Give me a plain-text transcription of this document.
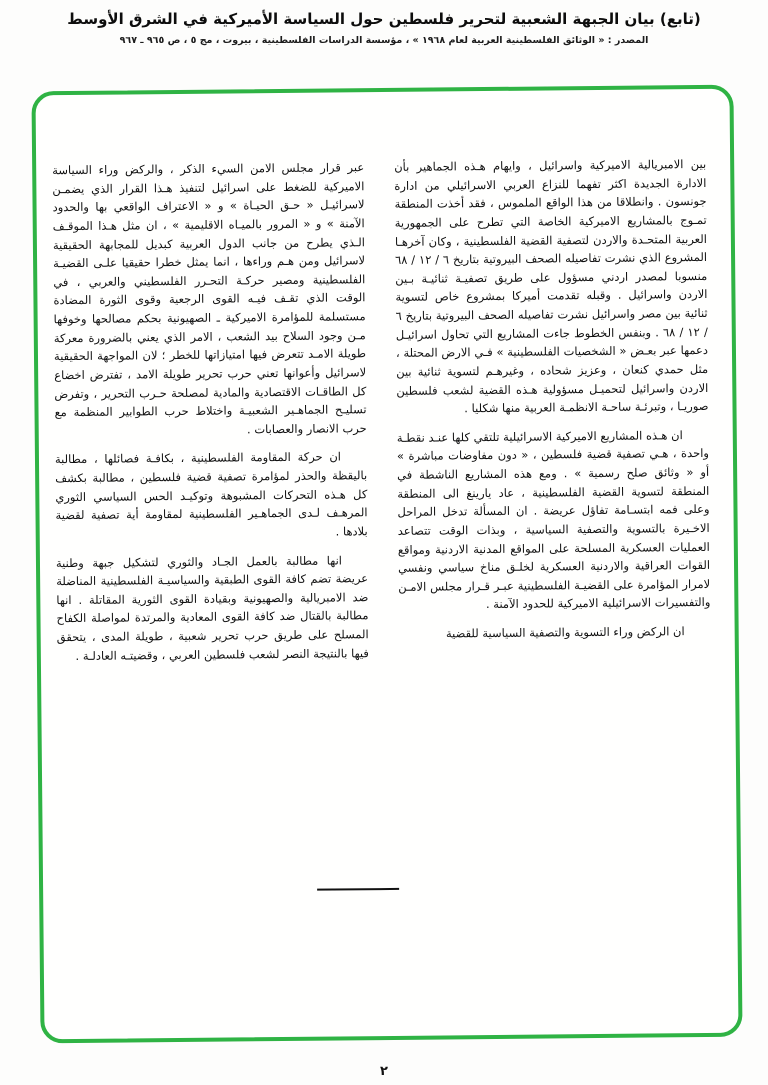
(تابع) بيان الجبهة الشعبية لتحرير فلسطين حول السياسة الأميركية في الشرق الأوسط
المصدر : « الوثائق الفلسطينية العربية لعام ١٩٦٨ » ، مؤسسة الدراسات الفلسطينية ، بيروت ، مج ٥ ، ص ٩٦٥ ـ ٩٦٧

بين الامبريالية الاميركية واسرائيل ، وايهام هـذه الجماهير بأن الادارة الجديدة اكثر تفهما للنزاع العربي الاسرائيلي من ادارة جونسون . وانطلاقا من هذا الواقع الملموس ، فقد أخذت المنطقة تمـوج بالمشاريع الاميركية الخاصة التي تطرح على الجمهورية العربية المتحـدة والاردن لتصفية القضية الفلسطينية ، وكان آخرهـا المشروع الذي نشرت تفاصيله الصحف البيروتية بتاريخ ٦ / ١٢ / ٦٨ منسوبا لمصدر اردني مسؤول على طريق تصفيـة ثنائيـة بـين الاردن واسرائيل . وقبله تقدمت أميركا بمشروع خاص لتسوية ثنائية بين مصر واسرائيل نشرت تفاصيله الصحف البيروتية بتاريخ ٦ / ١٢ / ٦٨ . وبنفس الخطوط جاءت المشاريع التي تحاول اسرائيـل دعمها عبر بعـض « الشخصيات الفلسطينية » فـي الارض المحتلة ، مثل حمدي كنعان ، وعزيز شحاده ، وغيرهـم لتسوية ثنائية بين الاردن واسرائيل لتحميـل مسؤولية هـذه القضية لشعب فلسطين صوريـا ، وتبرئـة ساحـة الانظمـة العربية منها شكليا .

ان هـذه المشاريع الاميركية الاسرائيلية تلتقي كلها عنـد نقطـة واحدة ، هـي تصفية قضية فلسطين ، « دون مفاوضات مباشرة » أو « وثائق صلح رسمية » . ومع هذه المشاريع الناشطة في المنطقة لتسوية القضية الفلسطينية ، عاد يارينغ الى المنطقة وعلى فمه ابتسـامة تفاؤل عريضة . ان المسألة تدخل المراحل الاخـيرة بالتسوية والتصفية السياسية ، وبذات الوقت تتصاعد العمليات العسكرية المسلحة على المواقع المدنية الاردنية ومواقع القوات العراقية والاردنية العسكرية لخلـق مناخ سياسي ونفسي لامرار المؤامرة على القضيـة الفلسطينية عبـر قـرار مجلس الامـن والتفسيرات الاسرائيلية الاميركية للحدود الآمنة .

ان الركض وراء التسوية والتصفية السياسية للقضية

عبر قرار مجلس الامن السيء الذكر ، والركض وراء السياسة الاميركية للضغط على اسرائيل لتنفيذ هـذا القرار الذي يضمـن لاسرائيـل « حـق الحيـاة » و « الاعتراف الواقعي بها والحدود الآمنة » و « المرور بالميـاه الاقليمية » ، ان مثل هـذا الموقـف الـذي يطرح من جانب الدول العربية كبديل للمجابهة الحقيقية لاسرائيل ومن هـم وراءها ، انما يمثل خطرا حقيقيا علـى القضيـة الفلسطينية ومصير حركـة التحـرر الفلسطيني والعربي ، في الوقت الذي تقـف فيـه القوى الرجعية وقوى الثورة المضادة مستسلمة للمؤامرة الاميركية ـ الصهيونية بحكم مصالحها وخوفها مـن وجود السلاح بيد الشعب ، الامر الذي يعني بالضرورة معركة طويلة الامـد تتعرض فيها امتيازاتها للخطر ؛ لان المواجهة الحقيقية لاسرائيل وأعوانها تعني حرب تحرير طويلة الامد ، تفترض اخضاع كل الطاقـات الاقتصادية والمادية لمصلحة حـرب التحرير ، وتفرض تسليـح الجماهـير الشعبيـة واختلاط حرب الطوابير المنظمة مع حرب الانصار والعصابات .

ان حركة المقاومة الفلسطينية ، بكافـة فصائلها ، مطالبة باليقظة والحذر لمؤامرة تصفية قضية فلسطين ، مطالبة بكشف كل هـذه التحركات المشبوهة وتوكيـد الحس السياسي الثوري المرهـف لـدى الجماهـير الفلسطينية لمقاومة أية تصفية لقضية بلادها .

انها مطالبة بالعمل الجـاد والثوري لتشكيل جبهة وطنية عريضة تضم كافة القوى الطبقية والسياسيـة الفلسطينية المناضلة ضد الامبريالية والصهيونية وبقيادة القوى الثورية المقاتلة . انها مطالبة بالقتال ضد كافة القوى المعادية والمرتدة لمواصلة الكفاح المسلح على طريق حرب تحرير شعبية ، طويلة المدى ، يتحقق فيها بالنتيجة النصر لشعب فلسطين العربي ، وقضيتـه العادلـة .

٢
